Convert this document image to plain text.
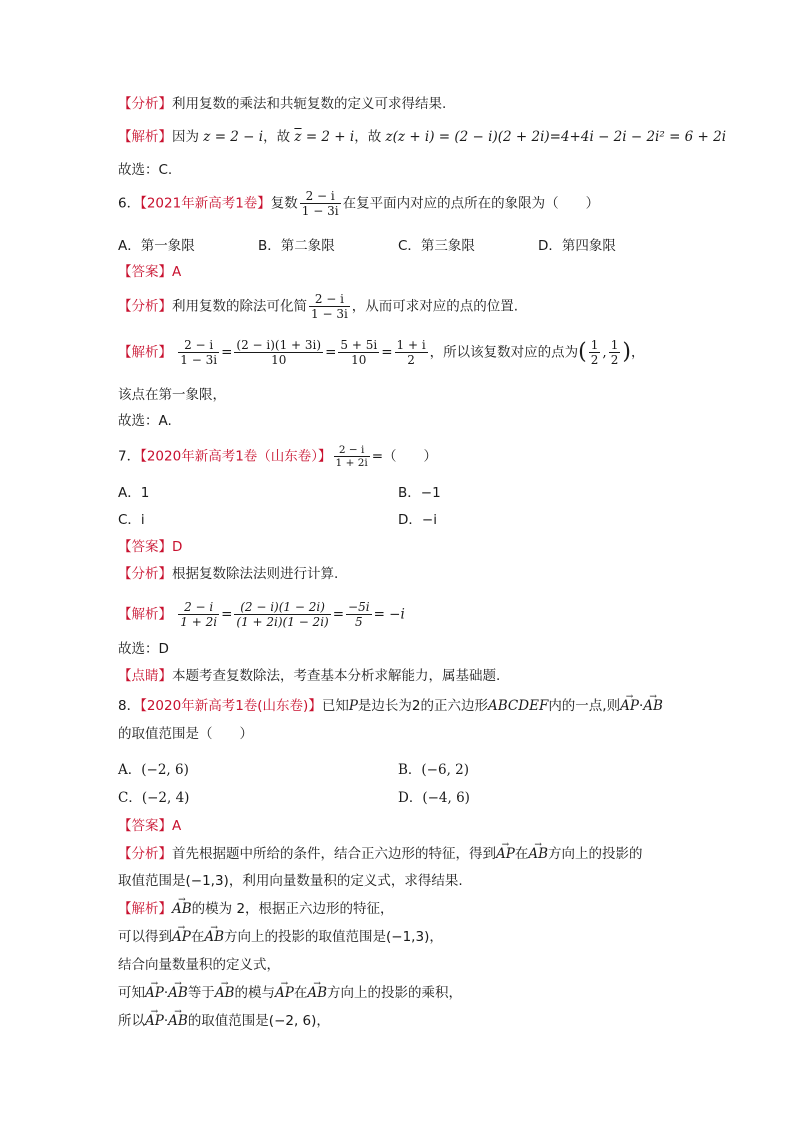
【分析】利用复数的乘法和共轭复数的定义可求得结果.
【解析】因为 z = 2 − i，故 $\overline{z} = 2 + i$，故 z(z + i) = (2 − i)(2 + 2i)=4+4i − 2i − 2i² = 6 + 2i
故选：C.
6．【2021年新高考1卷】复数 $\frac{2 - i}{1 - 3i}$ 在复平面内对应的点所在的象限为（　　）
A．第一象限	B．第二象限	C．第三象限	D．第四象限
【答案】A
【分析】利用复数的除法可化简 $\frac{2 - i}{1 - 3i}$ ，从而可求对应的点的位置.
【解析】 $\frac{2 - i}{1 - 3i} = \frac{(2 - i)(1 + 3i)}{10} = \frac{5 + 5i}{10} = \frac{1 + i}{2}$ ，所以该复数对应的点为( $\frac{1}{2}$ , $\frac{1}{2}$ )，
该点在第一象限，
故选：A.
7．【2020年新高考1卷（山东卷）】 $\frac{2 - i}{1 + 2i}$ =（　　）
A．1	B．−1
C．i	D．−i
【答案】D
【分析】根据复数除法法则进行计算.
【解析】 $\frac{2 - i}{1 + 2i} = \frac{(2 - i)(1 - 2i)}{(1 + 2i)(1 - 2i)} = \frac{-5i}{5} = -i$
故选：D
【点睛】本题考查复数除法，考查基本分析求解能力，属基础题.
8．【2020年新高考1卷(山东卷)】已知P是边长为2的正六边形ABCDEF内的一点,则→ AP·→ AB
的取值范围是（　　）
A．(−2, 6)	B．(−6, 2)
C．(−2, 4)	D．(−4, 6)
【答案】A
【分析】首先根据题中所给的条件，结合正六边形的特征，得到→ AP在→ AB方向上的投影的
取值范围是(−1,3)，利用向量数量积的定义式，求得结果.
【解析】→ AB的模为 2，根据正六边形的特征，
可以得到→ AP在→ AB方向上的投影的取值范围是(−1,3)，
结合向量数量积的定义式，
可知→ AP·→ AB等于→ AB的模与→ AP在→ AB方向上的投影的乘积，
所以→ AP·→ AB的取值范围是(−2, 6)，
